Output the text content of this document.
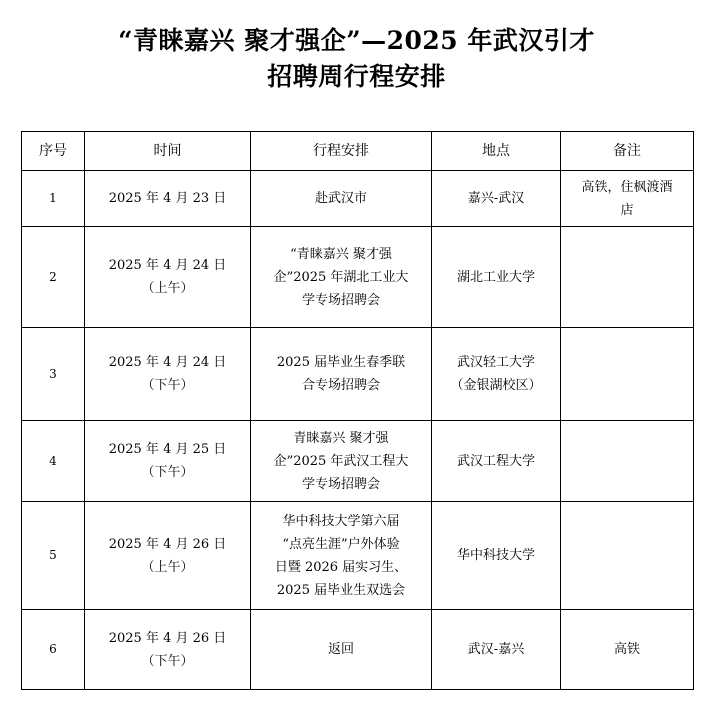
“青睐嘉兴 聚才强企”—2025 年武汉引才
招聘周行程安排
序号	时间	行程安排	地点	备注
1	2025 年 4 月 23 日	赴武汉市	嘉兴-武汉	高铁，住枫渡酒
店

2	2025 年 4 月 24 日
（上午）	“青睐嘉兴 聚才强
企”2025 年湖北工业大
学专场招聘会	湖北工业大学	

3	2025 年 4 月 24 日
（下午）	2025 届毕业生春季联
合专场招聘会	武汉轻工大学
（金银湖校区）	

4	2025 年 4 月 25 日
（下午）	青睐嘉兴 聚才强
企”2025 年武汉工程大
学专场招聘会	武汉工程大学	

5	2025 年 4 月 26 日
（上午）	华中科技大学第六届
“点亮生涯”户外体验
日暨 2026 届实习生、
2025 届毕业生双选会	华中科技大学	

6	2025 年 4 月 26 日
（下午）	返回	武汉-嘉兴	高铁
